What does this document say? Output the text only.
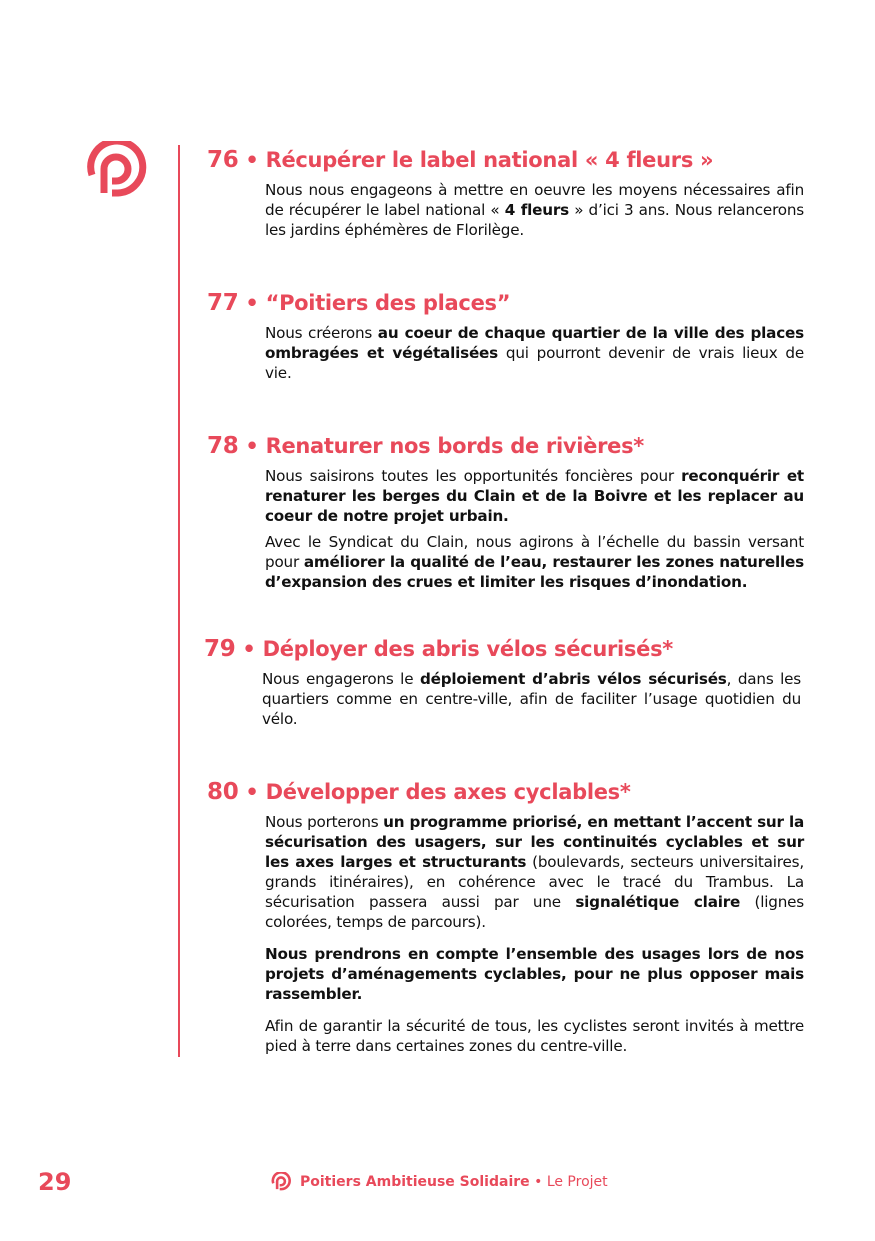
76 • Récupérer le label national « 4 fleurs »

Nous nous engageons à mettre en oeuvre les moyens nécessaires afin de récupérer le label national « 4 fleurs » d’ici 3 ans. Nous relancerons les jardins éphémères de Florilège.

77 • “Poitiers des places”

Nous créerons au coeur de chaque quartier de la ville des places ombragées et végétalisées qui pourront devenir de vrais lieux de vie.

78 • Renaturer nos bords de rivières*

Nous saisirons toutes les opportunités foncières pour reconquérir et renaturer les berges du Clain et de la Boivre et les replacer au coeur de notre projet urbain.

Avec le Syndicat du Clain, nous agirons à l’échelle du bassin versant pour améliorer la qualité de l’eau, restaurer les zones naturelles d’expansion des crues et limiter les risques d’inondation.

79 • Déployer des abris vélos sécurisés*

Nous engagerons le déploiement d’abris vélos sécurisés, dans les quartiers comme en centre-ville, afin de faciliter l’usage quotidien du vélo.

80 • Développer des axes cyclables*

Nous porterons un programme priorisé, en mettant l’accent sur la sécurisation des usagers, sur les continuités cyclables et sur les axes larges et structurants (boulevards, secteurs universitaires, grands itinéraires), en cohérence avec le tracé du Trambus. La sécurisation passera aussi par une signalétique claire (lignes colorées, temps de parcours).

Nous prendrons en compte l’ensemble des usages lors de nos projets d’aménagements cyclables, pour ne plus opposer mais rassembler.

Afin de garantir la sécurité de tous, les cyclistes seront invités à mettre pied à terre dans certaines zones du centre-ville.

29	Poitiers Ambitieuse Solidaire • Le Projet
